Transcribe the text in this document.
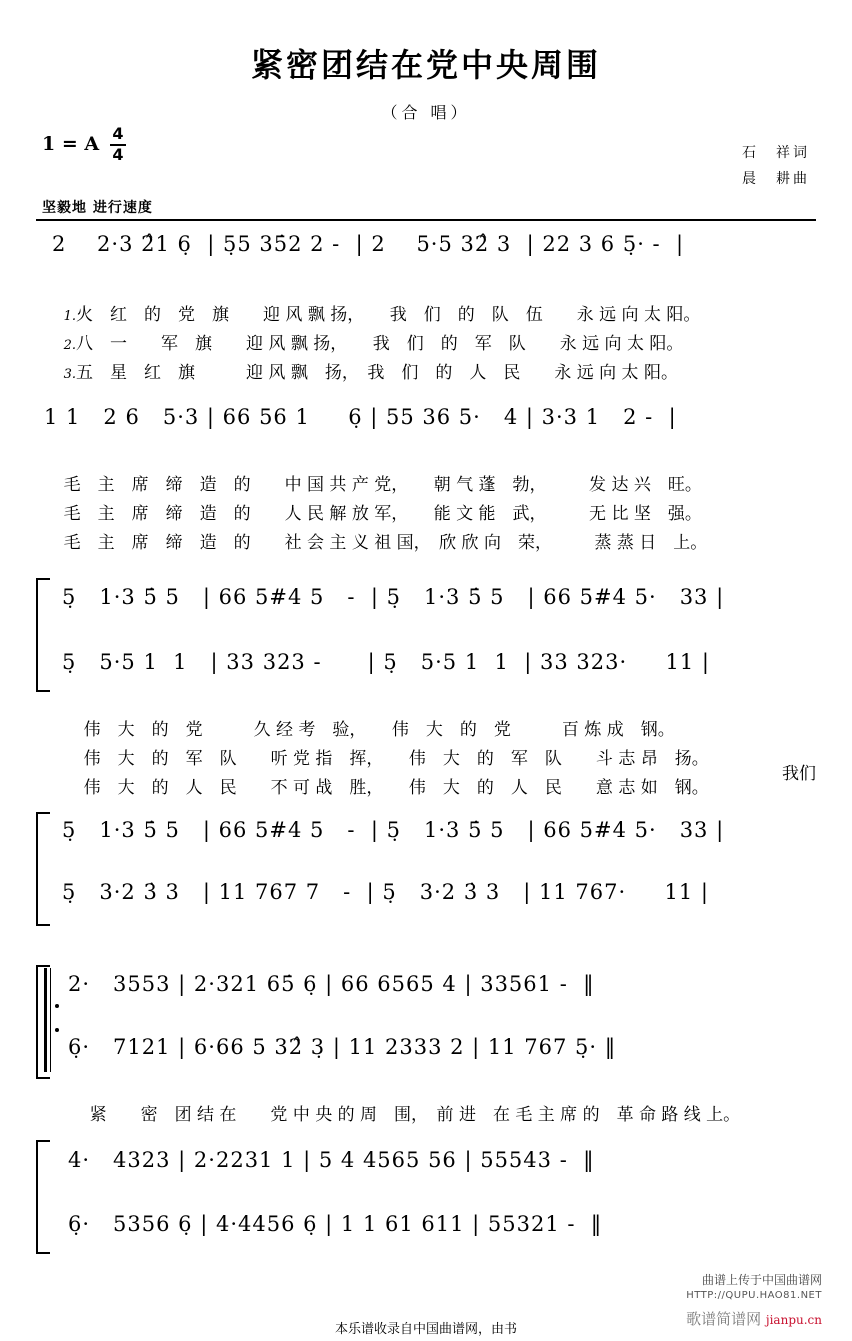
紧密团结在党中央周围
（合 唱）
1 = A 4
4	石　祥词
晨　耕曲
坚毅地 进行速度
2    2·3 2̂1 6̣  | 5̣5 35̇2 2 -  | 2    5·5 32̂ 3  | 22 3 6 5̣· -  |

1.火　红　的　党　旗　　迎 风 飘 扬，　　我　们　的　队　伍　　永 远 向 太 阳。

2.八　一　　军　旗　　迎 风 飘 扬，　　我　们　的　军　队　　永 远 向 太 阳。

3.五　星　红　旗　　　迎 风 飘　扬，　我　们　的　人　民　　永 远 向 太 阳。

1 1   2 6   5·3 | 66 56 1     6̣ | 55 36 5·   4 | 3·3 1   2 -  |

毛　主　席　缔　造　的　　中 国 共 产 党，　　朝 气 蓬　勃，　　　发 达 兴　旺。

毛　主　席　缔　造　的　　人 民 解 放 军，　　能 文 能　武，　　　无 比 坚　强。

毛　主　席　缔　造　的　　社 会 主 义 祖 国，　欣 欣 向　荣，　　　蒸 蒸 日　上。

5̣   1·3 5̇ 5   | 66 5#4 5   -  | 5̣   1·3 5̇ 5   | 66 5#4 5·   33 |
5̣   5·5 1  1   | 33 323 -      | 5̣   5·5 1  1  | 33 323·     11 |

伟　大　的　党　　　久 经 考　验，　　伟　大　的　党　　　百 炼 成　钢。

伟　大　的　军　队　　听 党 指　挥，　　伟　大　的　军　队　　斗 志 昂　扬。

伟　大　的　人　民　　不 可 战　胜，　　伟　大　的　人　民　　意 志 如　钢。

我们

5̣   1·3 5̇ 5   | 66 5#4 5   -  | 5̣   1·3 5̇ 5   | 66 5#4 5·   33 |
5̣   3·2 3̇ 3   | 11 767 7   -  | 5̣   3·2 3̇ 3   | 11 767·     11 |
2·   3553 | 2·321 65̇ 6̣ | 66 6565 4 | 33561 -  ‖
6̣·   7121 | 6·66 5 32̂ 3̣ | 11 2333 2 | 11 767 5̣· ‖

紧　　密　团 结 在　　党 中 央 的 周　围，　前 进　在 毛 主 席 的　革 命 路 线 上。

4·   4323 | 2·2231 1 | 5 4 4565 56 | 55543 -  ‖
6̣·   5356 6̣ | 4·4456 6̣ | 1 1 61 611 | 55321 -  ‖
曲谱上传于中国曲谱网
HTTP://QUPU.HAO81.NET
歌谱简谱网 jianpu.cn
本乐谱收录自中国曲谱网，由书
